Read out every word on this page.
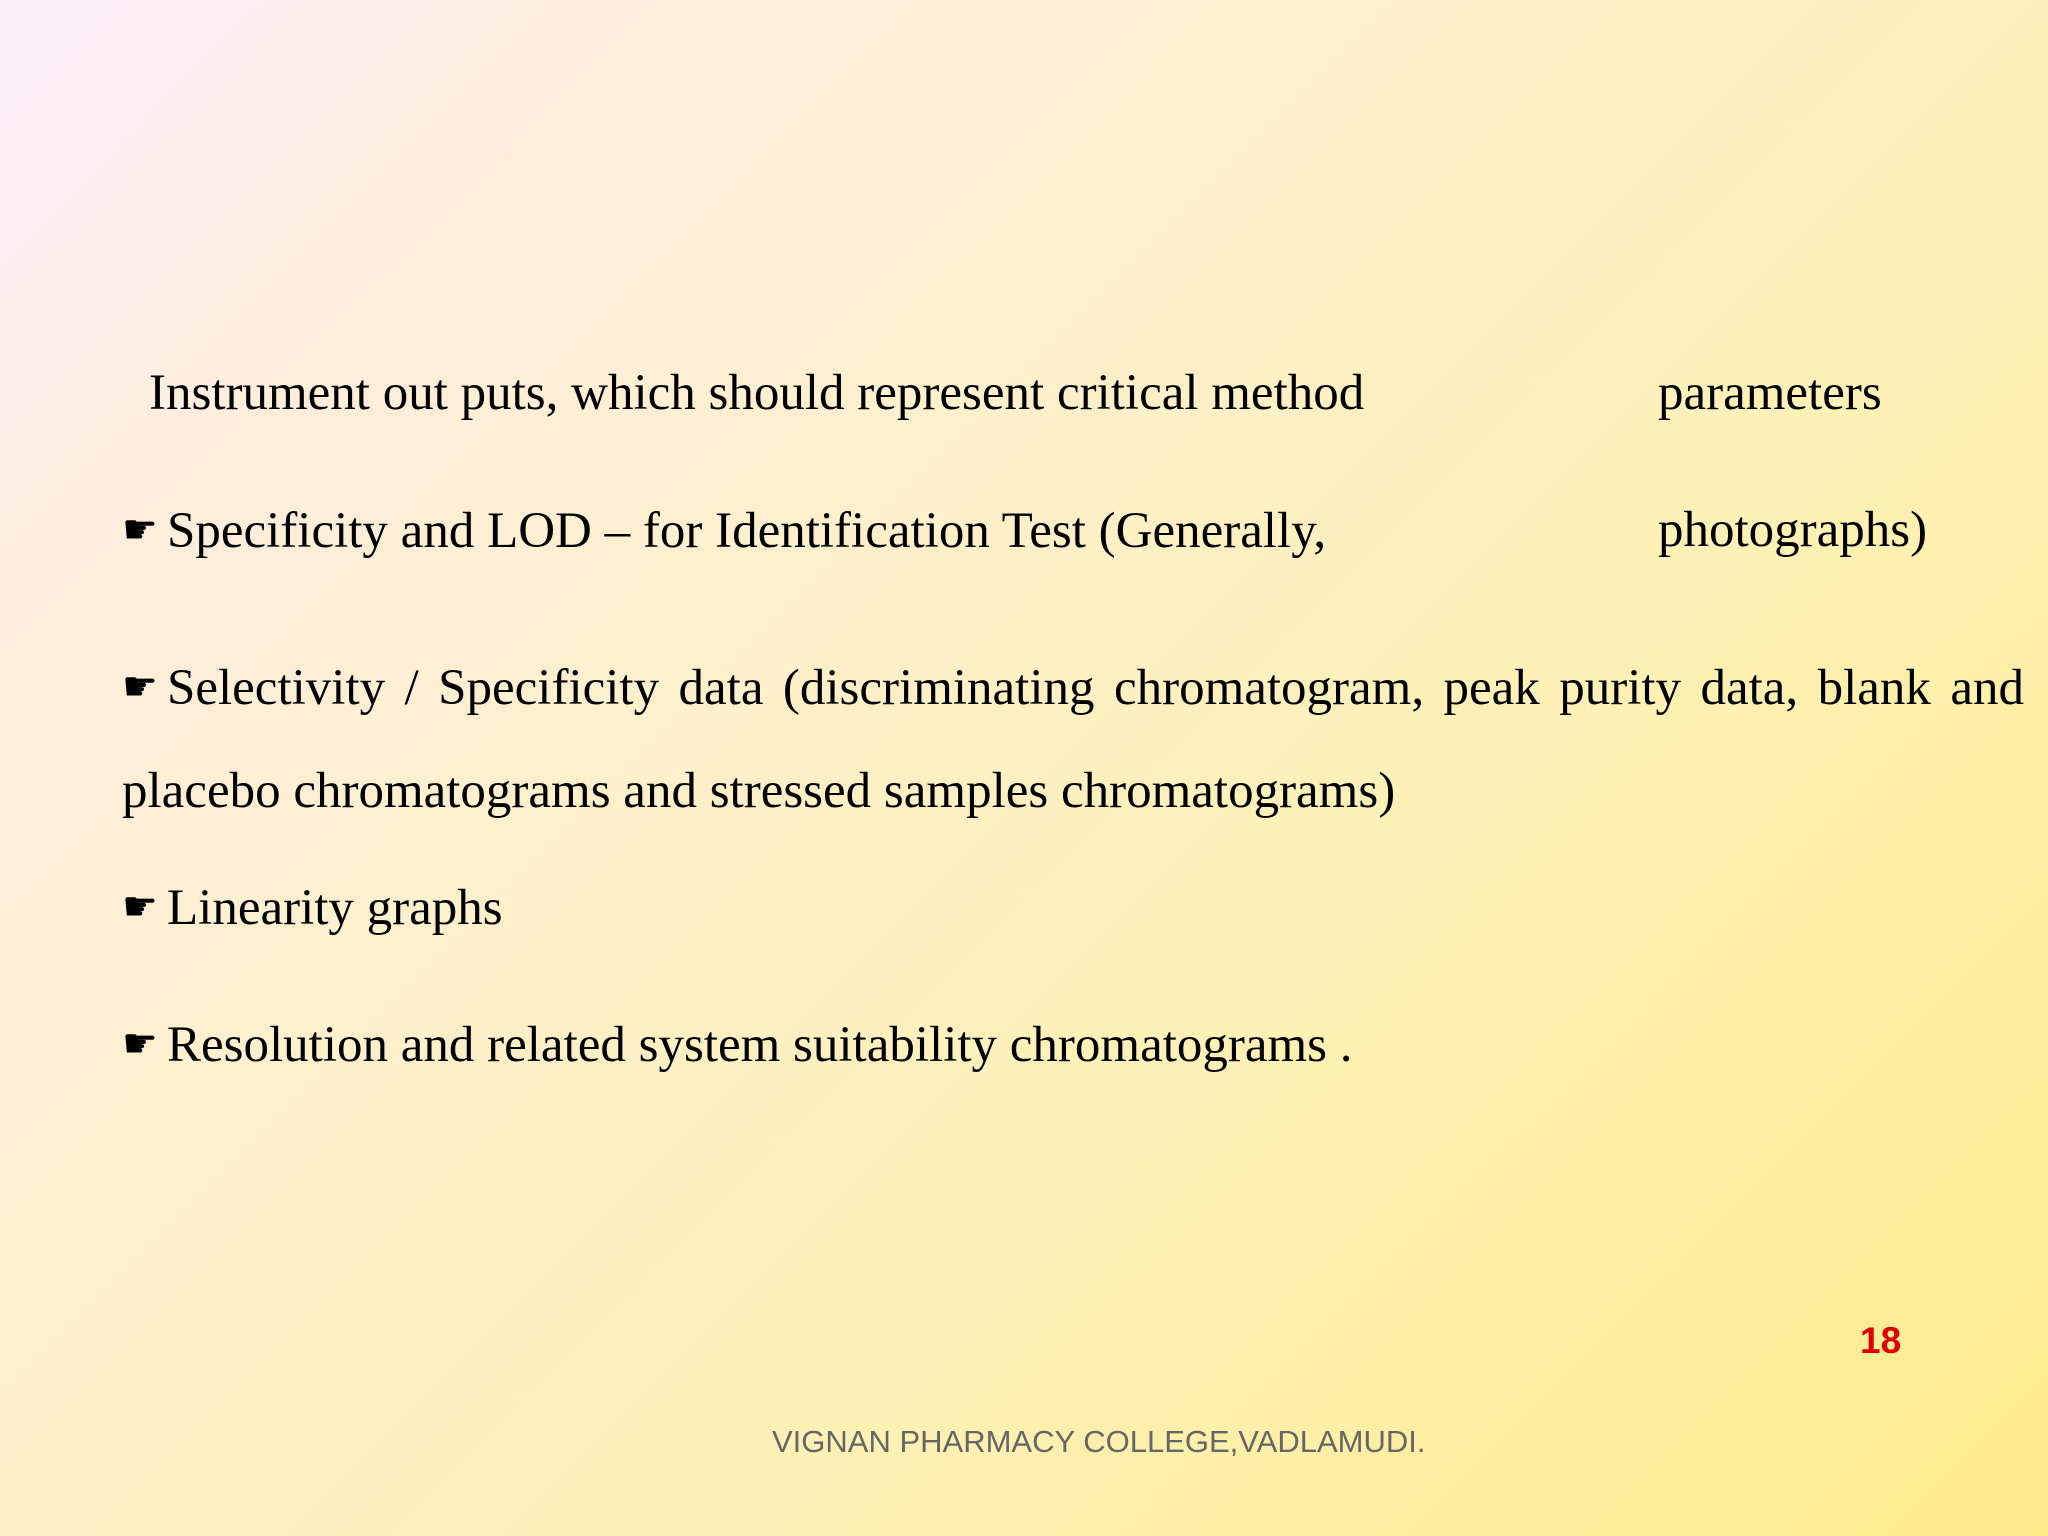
Instrument out puts, which should represent critical method	parameters
☛ Specificity and LOD – for Identification Test (Generally,	photographs)
☛ Selectivity / Specificity data (discriminating chromatogram, peak purity data, blank and placebo chromatograms and stressed samples chromatograms)
☛ Linearity graphs
☛ Resolution and related system suitability chromatograms .
18
VIGNAN PHARMACY COLLEGE,VADLAMUDI.
